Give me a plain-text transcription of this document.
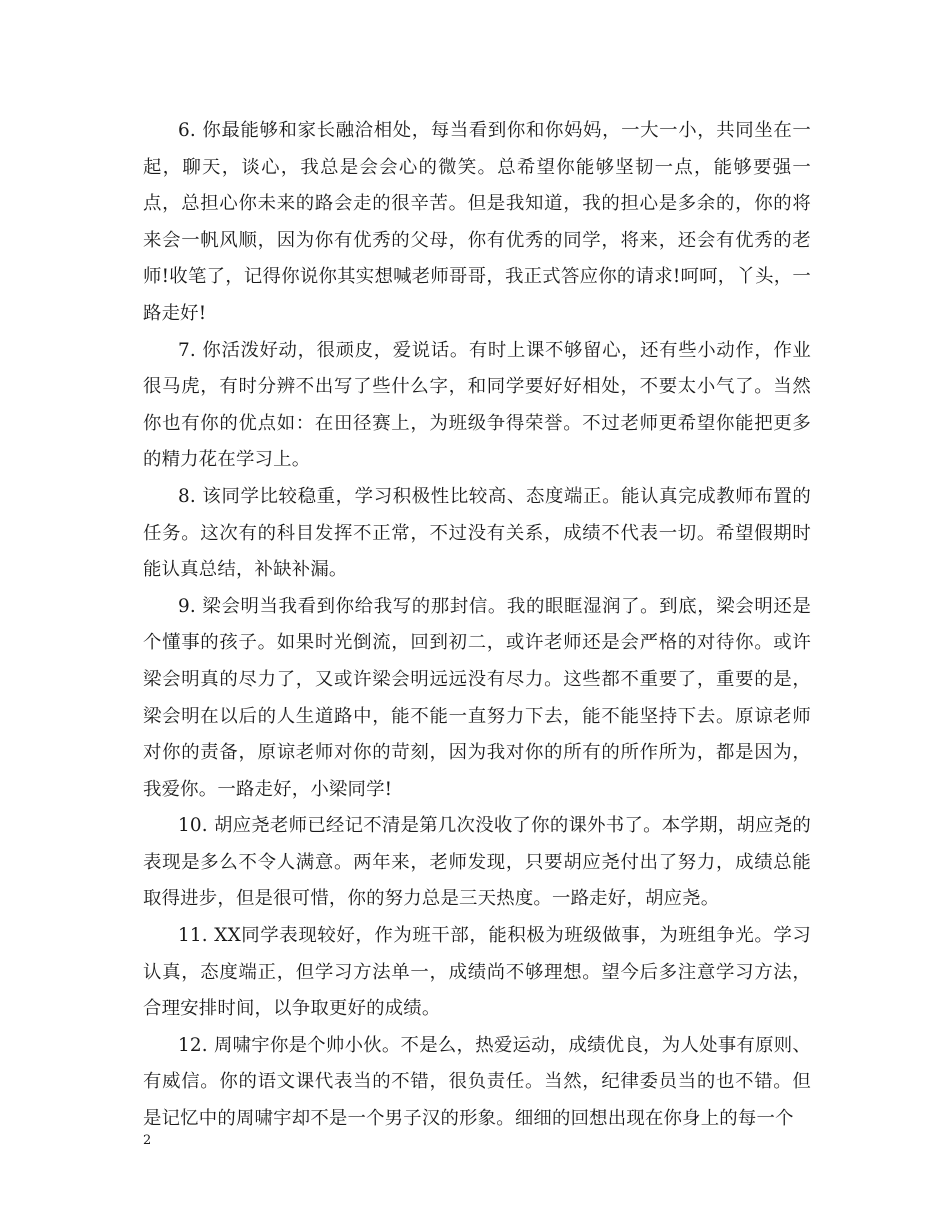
6. 你最能够和家长融洽相处，每当看到你和你妈妈，一大一小，共同坐在一起，聊天，谈心，我总是会会心的微笑。总希望你能够坚韧一点，能够要强一点，总担心你未来的路会走的很辛苦。但是我知道，我的担心是多余的，你的将来会一帆风顺，因为你有优秀的父母，你有优秀的同学，将来，还会有优秀的老师!收笔了，记得你说你其实想喊老师哥哥，我正式答应你的请求!呵呵，丫头，一路走好!

7. 你活泼好动，很顽皮，爱说话。有时上课不够留心，还有些小动作，作业很马虎，有时分辨不出写了些什么字，和同学要好好相处，不要太小气了。当然你也有你的优点如：在田径赛上，为班级争得荣誉。不过老师更希望你能把更多的精力花在学习上。

8. 该同学比较稳重，学习积极性比较高、态度端正。能认真完成教师布置的任务。这次有的科目发挥不正常，不过没有关系，成绩不代表一切。希望假期时能认真总结，补缺补漏。

9. 梁会明当我看到你给我写的那封信。我的眼眶湿润了。到底，梁会明还是个懂事的孩子。如果时光倒流，回到初二，或许老师还是会严格的对待你。或许梁会明真的尽力了，又或许梁会明远远没有尽力。这些都不重要了，重要的是，梁会明在以后的人生道路中，能不能一直努力下去，能不能坚持下去。原谅老师对你的责备，原谅老师对你的苛刻，因为我对你的所有的所作所为，都是因为，我爱你。一路走好，小梁同学!

10. 胡应尧老师已经记不清是第几次没收了你的课外书了。本学期，胡应尧的表现是多么不令人满意。两年来，老师发现，只要胡应尧付出了努力，成绩总能取得进步，但是很可惜，你的努力总是三天热度。一路走好，胡应尧。

11. XX同学表现较好，作为班干部，能积极为班级做事，为班组争光。学习认真，态度端正，但学习方法单一，成绩尚不够理想。望今后多注意学习方法，合理安排时间，以争取更好的成绩。

12. 周啸宇你是个帅小伙。不是么，热爱运动，成绩优良，为人处事有原则、有威信。你的语文课代表当的不错，很负责任。当然，纪律委员当的也不错。但是记忆中的周啸宇却不是一个男子汉的形象。细细的回想出现在你身上的每一个

2
